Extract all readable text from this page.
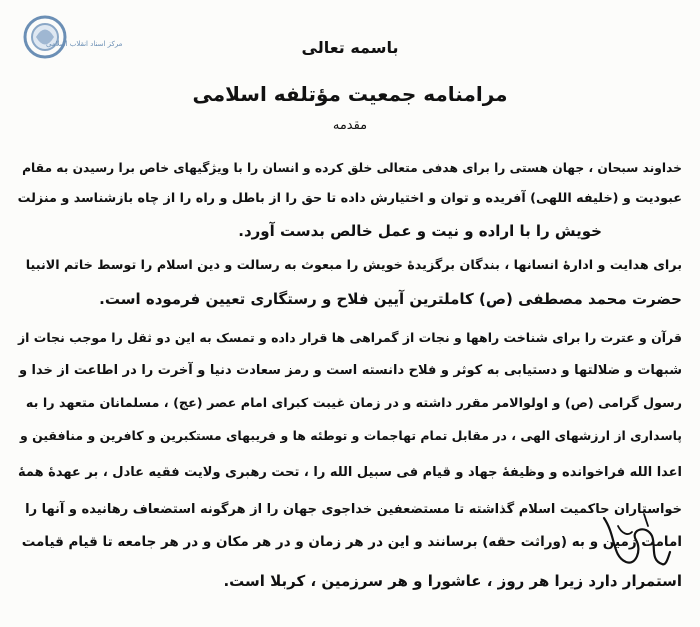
مرکز اسناد انقلاب اسلامی	باسمه تعالی
مرامنامه جمعیت مؤتلفه اسلامی
مقدمه
خداوند سبحان ، جهان هستی را برای هدفی متعالی خلق کرده و انسان را با ویژگیهای خاص برا رسیدن به مقام
عبودیت و (خلیفه اللهی) آفریده و توان و اختیارش داده تا حق را از باطل و راه را از چاه بازشناسد و منزلت
خویش را با اراده و نیت و عمل خالص بدست آورد.
برای هدایت و ادارهٔ انسانها ، بندگان برگزیدهٔ خویش را مبعوث به رسالت و دین اسلام را توسط خاتم الانبیا
حضرت محمد مصطفی (ص) کاملترین آیین فلاح و رستگاری تعیین فرموده است.
قرآن و عترت را برای شناخت راهها و نجات از گمراهی ها قرار داده و تمسک به این دو ثقل را موجب نجات از
شبهات و ضلالتها و دستیابی به کوثر و فلاح دانسته است و رمز سعادت دنیا و آخرت را در اطاعت از خدا و
رسول گرامی (ص) و اولوالامر مقرر داشته و در زمان غیبت کبرای امام عصر (عج) ، مسلمانان متعهد را به
پاسداری از ارزشهای الهی ، در مقابل تمام تهاجمات و توطئه ها و فریبهای مستکبرین و کافرین و منافقین و
اعدا الله فراخوانده و وظیفهٔ جهاد و قیام فی سبیل الله را ، تحت رهبری ولایت فقیه عادل ، بر عهدهٔ همهٔ
خواستاران حاکمیت اسلام گذاشته تا مستضعفین خداجوی جهان را از هرگونه استضعاف رهانیده و آنها را
امامت زمین و به (وراثت حقه) برسانند و این در هر زمان و در هر مکان و در هر جامعه تا قیام قیامت
استمرار دارد زیرا هر روز ، عاشورا و هر سرزمین ، کربلا است.
